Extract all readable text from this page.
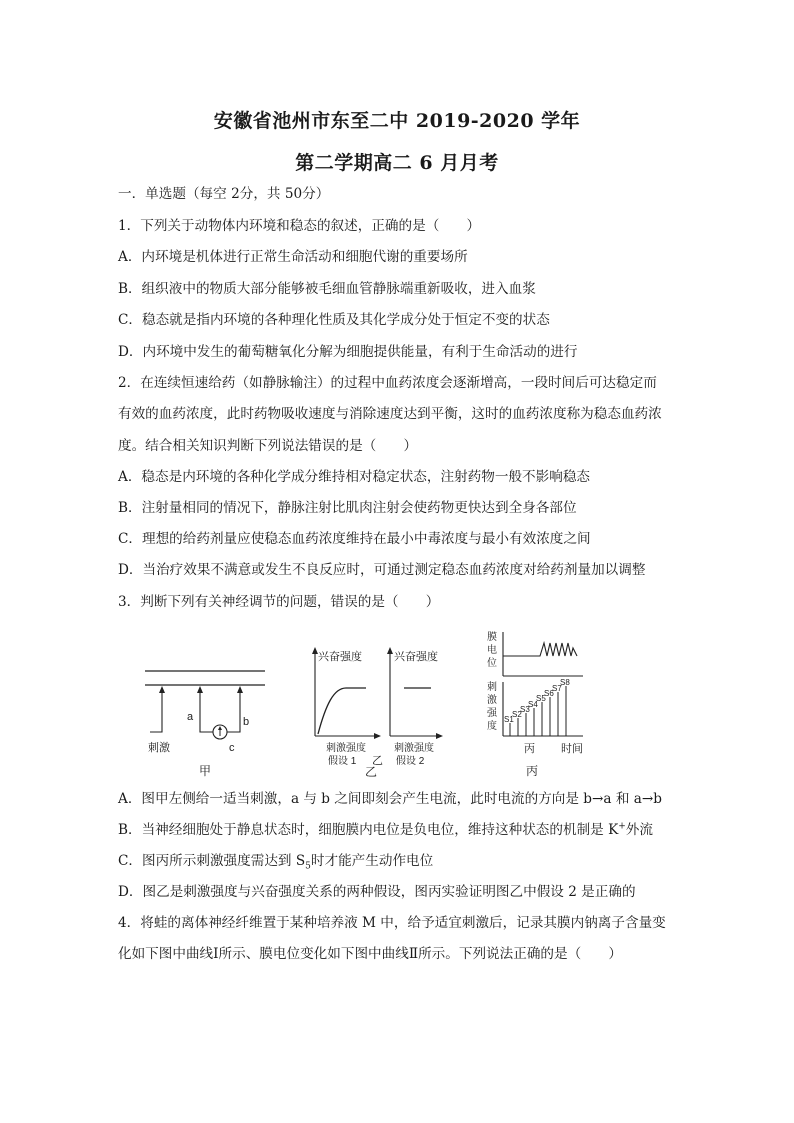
安徽省池州市东至二中 2019-2020 学年
第二学期高二 6 月月考
一．单选题（每空 2分，共 50分）
1．下列关于动物体内环境和稳态的叙述，正确的是（　　）
A．内环境是机体进行正常生命活动和细胞代谢的重要场所
B．组织液中的物质大部分能够被毛细血管静脉端重新吸收，进入血浆
C．稳态就是指内环境的各种理化性质及其化学成分处于恒定不变的状态
D．内环境中发生的葡萄糖氧化分解为细胞提供能量，有利于生命活动的进行
2．在连续恒速给药（如静脉输注）的过程中血药浓度会逐渐增高，一段时间后可达稳定而
有效的血药浓度，此时药物吸收速度与消除速度达到平衡，这时的血药浓度称为稳态血药浓
度。结合相关知识判断下列说法错误的是（　　）
A．稳态是内环境的各种化学成分维持相对稳定状态，注射药物一般不影响稳态
B．注射量相同的情况下，静脉注射比肌肉注射会使药物更快达到全身各部位
C．理想的给药剂量应使稳态血药浓度维持在最小中毒浓度与最小有效浓度之间
D．当治疗效果不满意或发生不良反应时，可通过测定稳态血药浓度对给药剂量加以调整
3．判断下列有关神经调节的问题，错误的是（　　）
刺激
a	b
c
甲
兴奋强度
刺激强度
假设 1 乙
兴奋强度
刺激强度
假设 2
乙
膜
电
位
刺
激
强
度
S1
S2
S3
S4
S5
S6
S7
S8
丙 时间
丙
A．图甲左侧给一适当刺激，a 与 b 之间即刻会产生电流，此时电流的方向是 b→a 和 a→b
B．当神经细胞处于静息状态时，细胞膜内电位是负电位，维持这种状态的机制是 K+外流
C．图丙所示刺激强度需达到 $S_5$时才能产生动作电位
D．图乙是刺激强度与兴奋强度关系的两种假设，图丙实验证明图乙中假设 2 是正确的
4．将蛙的离体神经纤维置于某种培养液 M 中，给予适宜刺激后，记录其膜内钠离子含量变
化如下图中曲线Ⅰ所示、膜电位变化如下图中曲线Ⅱ所示。下列说法正确的是（　　）
